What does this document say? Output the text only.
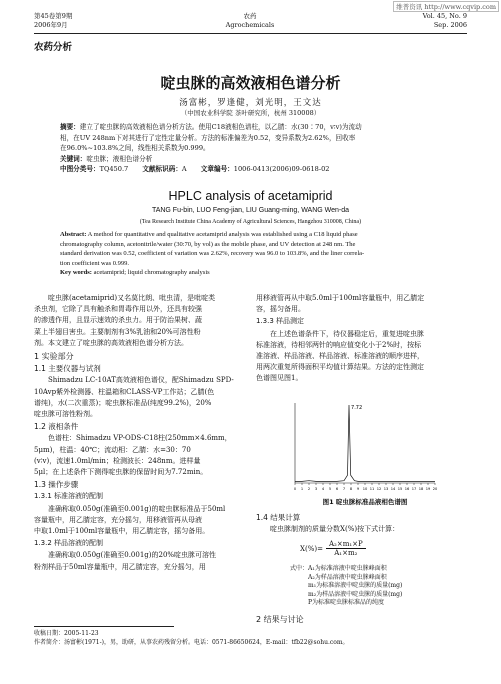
维普资讯 http://www.cqvip.com
第45卷第9期
2006年9月
农药
Agrochemicals
Vol. 45, No. 9
Sep. 2006
农药分析
啶虫脒的高效液相色谱分析
汤富彬，罗逢健，刘光明，王文达
（中国农业科学院 茶叶研究所，杭州 310008）
摘要：建立了啶虫脒的高效液相色谱分析方法。使用C18液相色谱柱，以乙腈：水(30∶70，v∶v)为流动
相，在UV 248nm下对其进行了定性定量分析。方法的标准偏差为0.52，变异系数为2.62%，回收率
在96.0%~103.8%之间，线性相关系数为0.999。
关键词：啶虫脒；液相色谱分析
中图分类号：TQ450.7 文献标识码：A 文章编号：1006-0413(2006)09-0618-02
HPLC analysis of acetamiprid
TANG Fu-bin, LUO Feng-jian, LIU Guang-ming, WANG Wen-da
(Tea Research Institute China Academy of Agricultural Sciences, Hangzhou 310008, China)
Abstract: A method for quantitative and qualitative acetamiprid analysis was established using a C18 liquid phase
chromatography column, acetonitrile/water (30:70, by vol) as the mobile phase, and UV detection at 248 nm. The
standard derivation was 0.52, coefficient of variation was 2.62%, recovery was 96.0 to 103.8%, and the liner correla-
tion coefficient was 0.999.
Key words: acetamiprid; liquid chromatography analysis

啶虫脒(acetamiprid)又名莫比朗、吡虫清，是吡啶类

杀虫剂，它除了具有触杀和胃毒作用以外，还具有较强
的渗透作用，且显示速效的杀虫力。用于防治果树、蔬
菜上半翅目害虫。主要制剂有3%乳油和20%可溶性粉
剂。本文建立了啶虫脒的高效液相色谱分析方法。
1 实验部分
1.1 主要仪器与试剂

Shimadzu LC-10AT高效液相色谱仪，配Shimadzu SPD-

10Avp紫外检测器、柱温箱和CLASS-VP工作站；乙腈(色
谱纯)，水(二次重蒸)；啶虫脒标准品(纯度99.2%)，20%
啶虫脒可溶性粉剂。
1.2 液相条件

色谱柱：Shimadzu VP-ODS-C18柱(250mm×4.6mm，

5μm)，柱温：40℃；流动相：乙腈：水=30：70
(v∶v)，流速1.0ml/min；检测波长：248nm。进样量
5μl；在上述条件下测得啶虫脒的保留时间为7.72min。
1.3 操作步骤
1.3.1 标准溶液的配制

准确称取0.050g(准确至0.001g)的啶虫脒标准品于50ml

容量瓶中，用乙腈定容，充分摇匀，用移液管再从母液
中取1.0ml于100ml容量瓶中，用乙腈定容，摇匀备用。
1.3.2 样品溶液的配制

准确称取0.050g(准确至0.001g)的20%啶虫脒可溶性

粉剂样品于50ml容量瓶中，用乙腈定容，充分摇匀，用
用移液管再从中取5.0ml于100ml容量瓶中，用乙腈定
容，摇匀备用。
1.3.3 样品测定

在上述色谱条件下，待仪器稳定后，重复进啶虫脒

标准溶液，待相邻两针的响应值变化小于2%时，按标
准溶液、样品溶液、样品溶液、标准溶液的顺序进样，
用两次重复所得面积平均值计算结果。方法的定性测定
色谱图见图1。
0 1 2 3 4 5 6 7 8 9 10 11 12 13 14 15 16 17 18 19 20
7.72
图1 啶虫脒标准品液相色谱图
1.4 结果计算

啶虫脒制剂的质量分数X(%)按下式计算：

$X(\%)= \frac{\text{A₂×m₁×P}}{\text{A₁×m₂}}$
式中：A₁为标准溶液中啶虫脒峰面积
A₂为样品溶液中啶虫脒峰面积
m₁为标准溶液中啶虫脒的质量(mg)
m₂为样品溶液中啶虫脒的质量(mg)
P为标准啶虫脒标准品的纯度
2 结果与讨论
收稿日期：2005-11-23
作者简介：汤富彬(1971-)，男，助研，从事农药残留分析。电话：0571-86650624，E-mail：tfb22@sohu.com。
